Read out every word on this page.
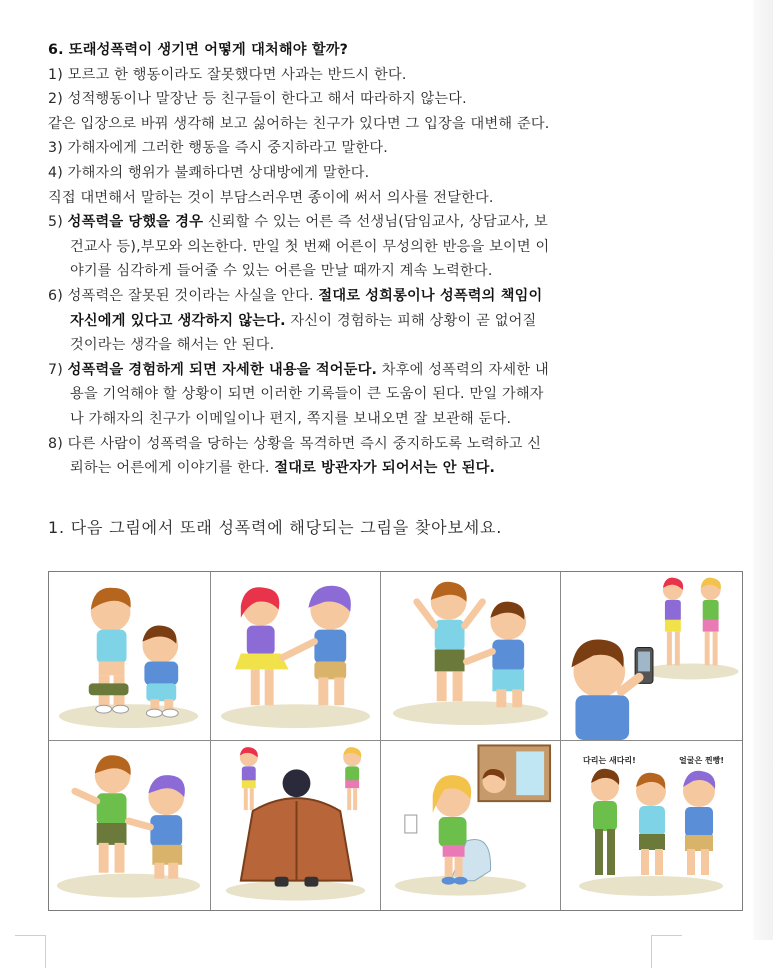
6. 또래성폭력이 생기면 어떻게 대처해야 할까?
1) 모르고 한 행동이라도 잘못했다면 사과는 반드시 한다.
2) 성적행동이나 말장난 등 친구들이 한다고 해서 따라하지 않는다.
같은 입장으로 바꿔 생각해 보고 싫어하는 친구가 있다면 그 입장을 대변해 준다.
3) 가해자에게 그러한 행동을 즉시 중지하라고 말한다.
4) 가해자의 행위가 불쾌하다면 상대방에게 말한다.
직접 대면해서 말하는 것이 부담스러우면 종이에 써서 의사를 전달한다.
5) 성폭력을 당했을 경우 신뢰할 수 있는 어른 즉 선생님(담임교사, 상담교사, 보
건교사 등),부모와 의논한다. 만일 첫 번째 어른이 무성의한 반응을 보이면 이
야기를 심각하게 들어줄 수 있는 어른을 만날 때까지 계속 노력한다.
6) 성폭력은 잘못된 것이라는 사실을 안다. 절대로 성희롱이나 성폭력의 책임이
자신에게 있다고 생각하지 않는다. 자신이 경험하는 피해 상황이 곧 없어질
것이라는 생각을 해서는 안 된다.
7) 성폭력을 경험하게 되면 자세한 내용을 적어둔다. 차후에 성폭력의 자세한 내
용을 기억해야 할 상황이 되면 이러한 기록들이 큰 도움이 된다. 만일 가해자
나 가해자의 친구가 이메일이나 편지, 쪽지를 보내오면 잘 보관해 둔다.
8) 다른 사람이 성폭력을 당하는 상황을 목격하면 즉시 중지하도록 노력하고 신
뢰하는 어른에게 이야기를 한다. 절대로 방관자가 되어서는 안 된다.
1. 다음 그림에서 또래 성폭력에 해당되는 그림을 찾아보세요.
다리는 새다리!	얼굴은 찐빵!
